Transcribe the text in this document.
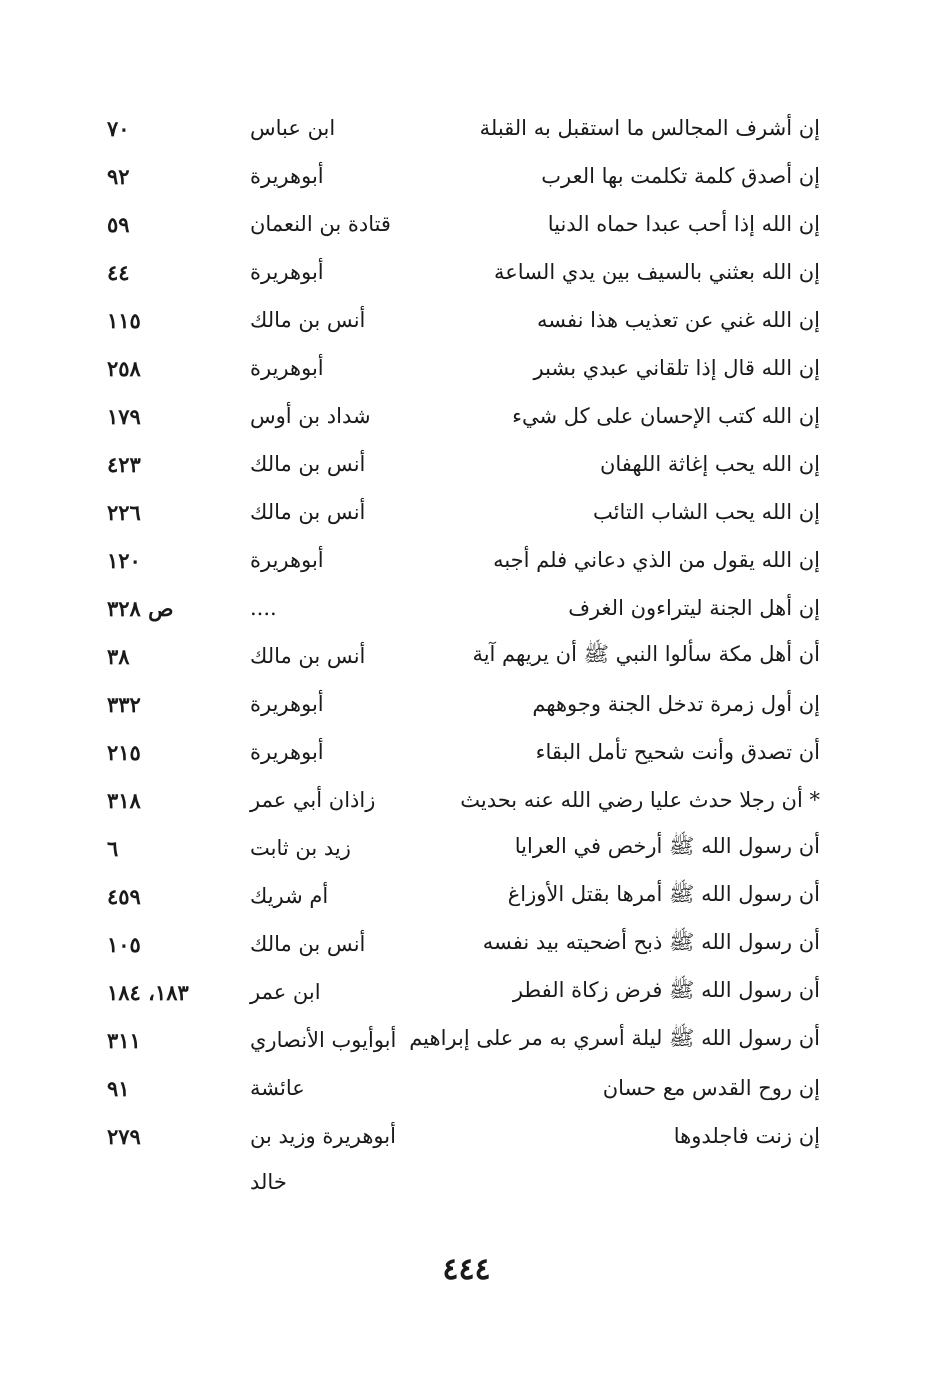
إن أشرف المجالس ما استقبل به القبلة
ابن عباس
٧٠
إن أصدق كلمة تكلمت بها العرب
أبوهريرة
٩٢
إن الله إذا أحب عبدا حماه الدنيا
قتادة بن النعمان
٥٩
إن الله بعثني بالسيف بين يدي الساعة
أبوهريرة
٤٤
إن الله غني عن تعذيب هذا نفسه
أنس بن مالك
١١٥
إن الله قال إذا تلقاني عبدي بشبر
أبوهريرة
٢٥٨
إن الله كتب الإحسان على كل شيء
شداد بن أوس
١٧٩
إن الله يحب إغاثة اللهفان
أنس بن مالك
٤٢٣
إن الله يحب الشاب التائب
أنس بن مالك
٢٢٦
إن الله يقول من الذي دعاني فلم أجبه
أبوهريرة
١٢٠
إن أهل الجنة ليتراءون الغرف
....
ص ٣٢٨
أن أهل مكة سألوا النبي ﷺ أن يريهم آية
أنس بن مالك
٣٨
إن أول زمرة تدخل الجنة وجوههم
أبوهريرة
٣٣٢
أن تصدق وأنت شحيح تأمل البقاء
أبوهريرة
٢١٥
* أن رجلا حدث عليا رضي الله عنه بحديث
زاذان أبي عمر
٣١٨
أن رسول الله ﷺ أرخص في العرايا
زيد بن ثابت
٦
أن رسول الله ﷺ أمرها بقتل الأوزاغ
أم شريك
٤٥٩
أن رسول الله ﷺ ذبح أضحيته بيد نفسه
أنس بن مالك
١٠٥
أن رسول الله ﷺ فرض زكاة الفطر
ابن عمر
١٨٣، ١٨٤
أن رسول الله ﷺ ليلة أسري به مر على إبراهيم
أبوأيوب الأنصاري
٣١١
إن روح القدس مع حسان
عائشة
٩١
إن زنت فاجلدوها
أبوهريرة وزيد بن
٢٧٩
خالد
٤٤٤
